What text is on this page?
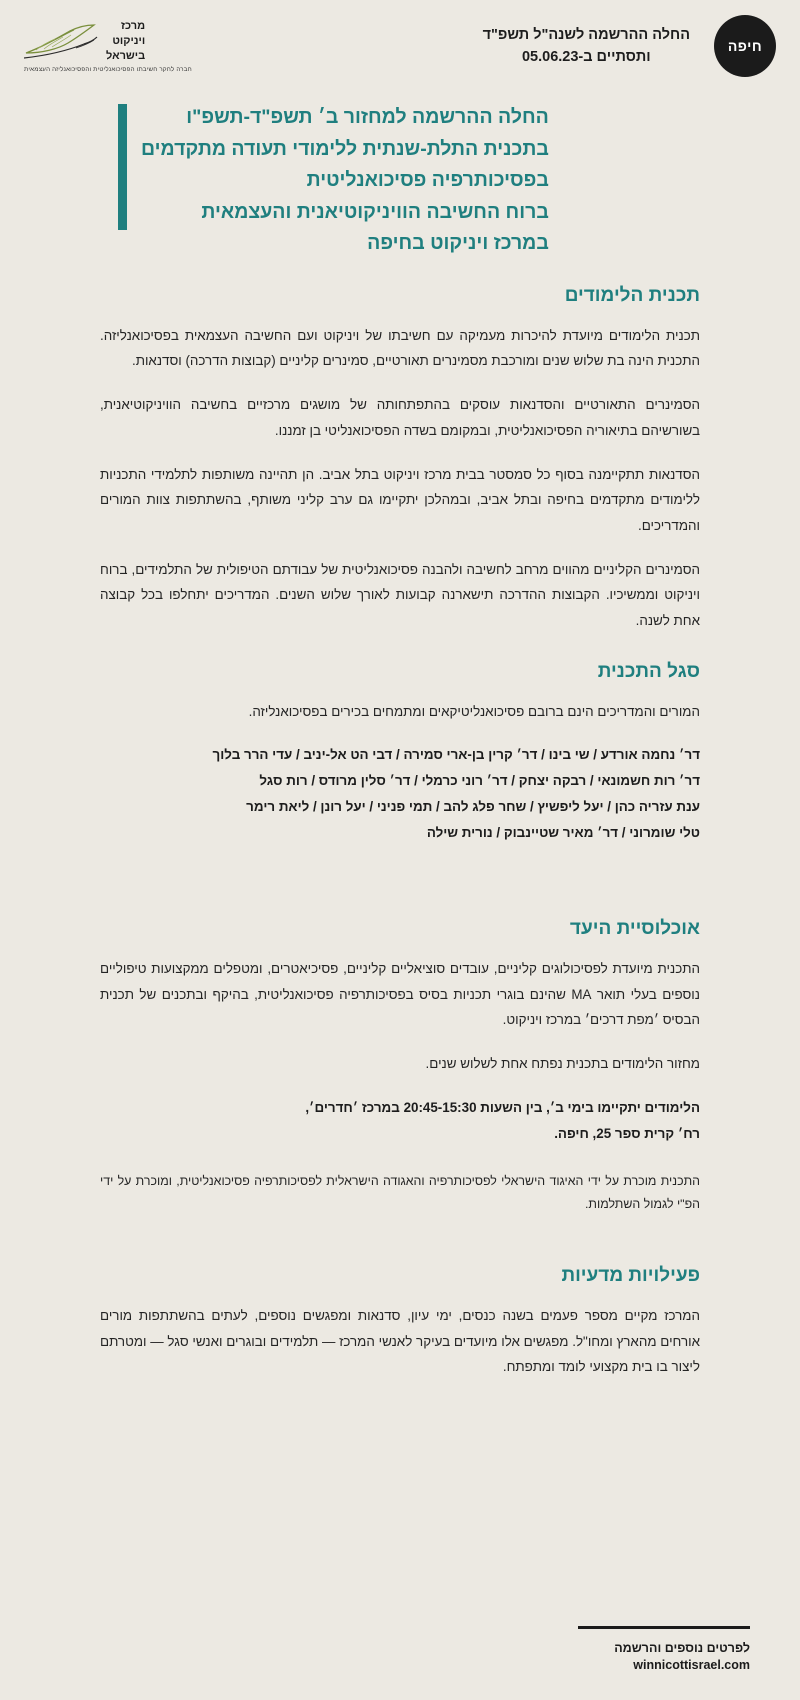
חיפה
החלה ההרשמה לשנה"ל תשפ"ד
ותסתיים ב-05.06.23
מרכז
ויניקוט
בישראל
חברה לחקר חשיבתו הפסיכואנליטית והפסיכואנליזה העצמאית
החלה ההרשמה למחזור ב׳ תשפ"ד-תשפ"ו
בתכנית התלת-שנתית ללימודי תעודה מתקדמים
בפסיכותרפיה פסיכואנליטית
ברוח החשיבה הוויניקוטיאנית והעצמאית
במרכז ויניקוט בחיפה
תכנית הלימודים

תכנית הלימודים מיועדת להיכרות מעמיקה עם חשיבתו של ויניקוט ועם החשיבה העצמאית בפסיכואנליזה. התכנית הינה בת שלוש שנים ומורכבת מסמינרים תאורטיים, סמינרים קליניים (קבוצות הדרכה) וסדנאות.

הסמינרים התאורטיים והסדנאות עוסקים בהתפתחותה של מושגים מרכזיים בחשיבה הוויניקוטיאנית, בשורשיהם בתיאוריה הפסיכואנליטית, ובמקומם בשדה הפסיכואנליטי בן זמננו.

הסדנאות תתקיימנה בסוף כל סמסטר בבית מרכז ויניקוט בתל אביב. הן תהיינה משותפות לתלמידי התכניות ללימודים מתקדמים בחיפה ובתל אביב, ובמהלכן יתקיימו גם ערב קליני משותף, בהשתתפות צוות המורים והמדריכים.

הסמינרים הקליניים מהווים מרחב לחשיבה ולהבנה פסיכואנליטית של עבודתם הטיפולית של התלמידים, ברוח ויניקוט וממשיכיו. הקבוצות ההדרכה תישארנה קבועות לאורך שלוש השנים. המדריכים יתחלפו בכל קבוצה אחת לשנה.

סגל התכנית

המורים והמדריכים הינם ברובם פסיכואנליטיקאים ומתמחים בכירים בפסיכואנליזה.

דר׳ נחמה אורדע / שי בינו / דר׳ קרין בן-ארי סמירה / דבי הט אל-יניב / עדי הרר בלוך

דר׳ רות חשמונאי / רבקה יצחק / דר׳ רוני כרמלי / דר׳ סלין מרודס / רות סגל

ענת עזריה כהן / יעל ליפשיץ / שחר פלג להב / תמי פניני / יעל רונן / ליאת רימר

טלי שומרוני / דר׳ מאיר שטיינבוק / נורית שילה

אוכלוסיית היעד

התכנית מיועדת לפסיכולוגים קליניים, עובדים סוציאליים קליניים, פסיכיאטרים, ומטפלים ממקצועות טיפוליים נוספים בעלי תואר MA שהינם בוגרי תכניות בסיס בפסיכותרפיה פסיכואנליטית, בהיקף ובתכנים של תכנית הבסיס ׳מפת דרכים׳ במרכז ויניקוט.

מחזור הלימודים בתכנית נפתח אחת לשלוש שנים.

הלימודים יתקיימו בימי ב׳, בין השעות 20:45-15:30 במרכז ׳חדרים׳,

רח׳ קרית ספר 25, חיפה.

התכנית מוכרת על ידי האיגוד הישראלי לפסיכותרפיה והאגודה הישראלית לפסיכותרפיה פסיכואנליטית, ומוכרת על ידי הפ"י לגמול השתלמות.

פעילויות מדעיות

המרכז מקיים מספר פעמים בשנה כנסים, ימי עיון, סדנאות ומפגשים נוספים, לעתים בהשתתפות מורים אורחים מהארץ ומחו"ל. מפגשים אלו מיועדים בעיקר לאנשי המרכז — תלמידים ובוגרים ואנשי סגל — ומטרתם ליצור בו בית מקצועי לומד ומתפתח.

לפרטים נוספים והרשמה
winnicottisrael.com
